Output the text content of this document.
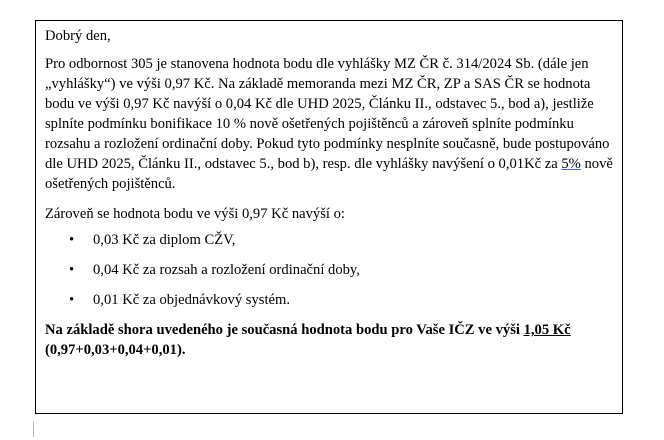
Dobrý den,

Pro odbornost 305 je stanovena hodnota bodu dle vyhlášky MZ ČR č. 314/2024 Sb. (dále jen „vyhlášky“) ve výši 0,97 Kč. Na základě memoranda mezi MZ ČR, ZP a SAS ČR se hodnota bodu ve výši 0,97 Kč navýší o 0,04 Kč dle UHD 2025, Článku II., odstavec 5., bod a), jestliže splníte podmínku bonifikace 10 % nově ošetřených pojištěnců a zároveň splníte podmínku rozsahu a rozložení ordinační doby. Pokud tyto podmínky nesplníte současně, bude postupováno dle UHD 2025, Článku II., odstavec 5., bod b), resp. dle vyhlášky navýšení o 0,01Kč za 5% nově ošetřených pojištěnců.

Zároveň se hodnota bodu ve výši 0,97 Kč navýší o:

• 0,03 Kč za diplom CŽV,
• 0,04 Kč za rozsah a rozložení ordinační doby,
• 0,01 Kč za objednávkový systém.

Na základě shora uvedeného je současná hodnota bodu pro Vaše IČZ ve výši 1,05 Kč (0,97+0,03+0,04+0,01).
